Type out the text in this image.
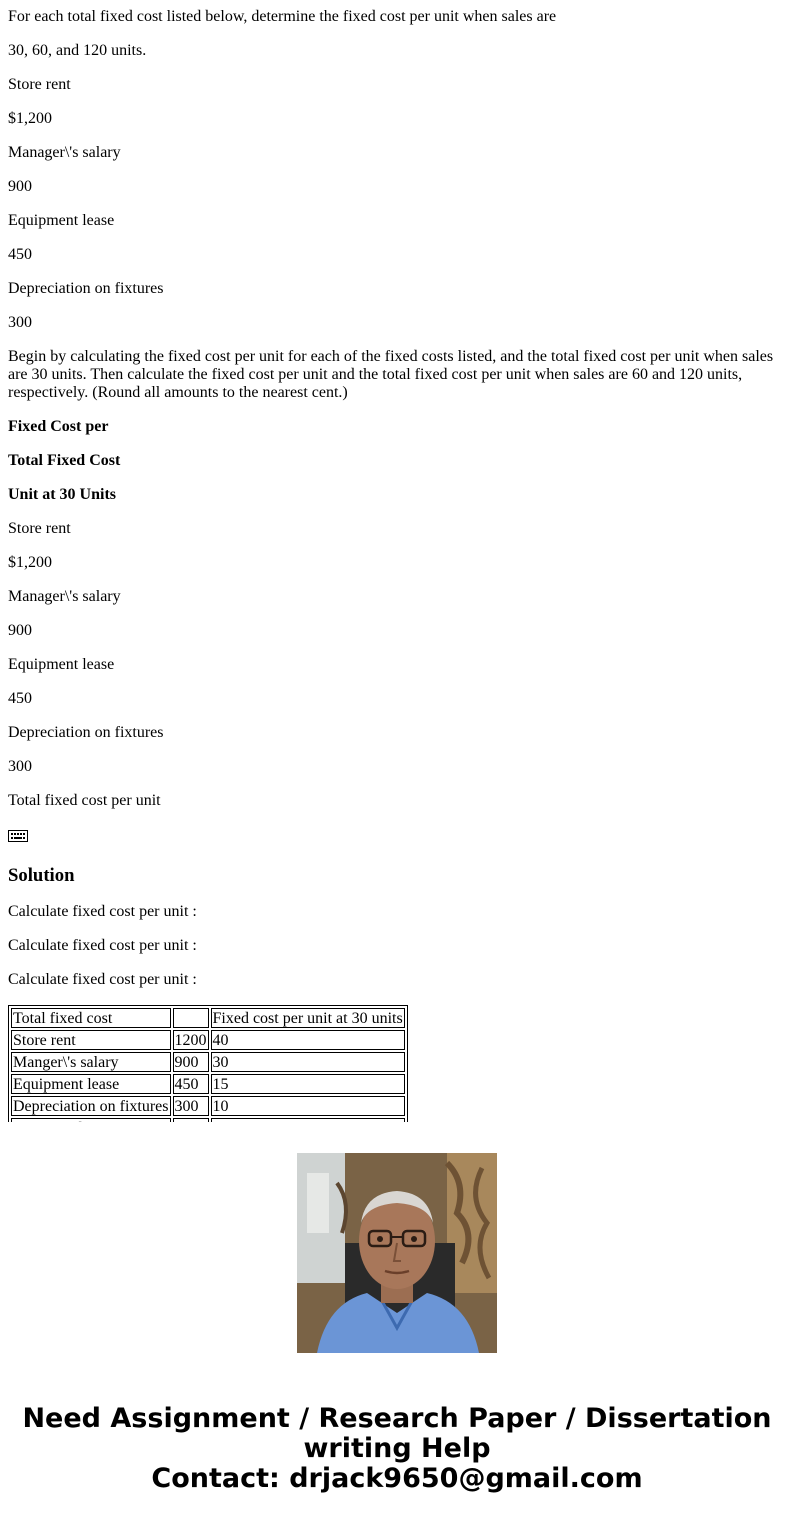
For each total fixed cost listed below, determine the fixed cost per unit when sales are

30, 60, and 120 units.

Store rent

$1,200

Manager\'s salary

900

Equipment lease

450

Depreciation on fixtures

300

Begin by calculating the fixed cost per unit for each of the fixed costs listed, and the total fixed cost per unit when sales are 30 units. Then calculate the fixed cost per unit and the total fixed cost per unit when sales are 60 and 120 units, respectively. (Round all amounts to the nearest cent.)

Fixed Cost per

Total Fixed Cost

Unit at 30 Units

Store rent

$1,200

Manager\'s salary

900

Equipment lease

450

Depreciation on fixtures

300

Total fixed cost per unit

Solution

Calculate fixed cost per unit :

Calculate fixed cost per unit :

Calculate fixed cost per unit :

Total fixed cost		Fixed cost per unit at 30 units
Store rent	1200	40
Manger\'s salary	900	30
Equipment lease	450	15
Depreciation on fixtures	300	10

Need Assignment / Research Paper / Dissertation
writing Help
Contact: drjack9650@gmail.com
